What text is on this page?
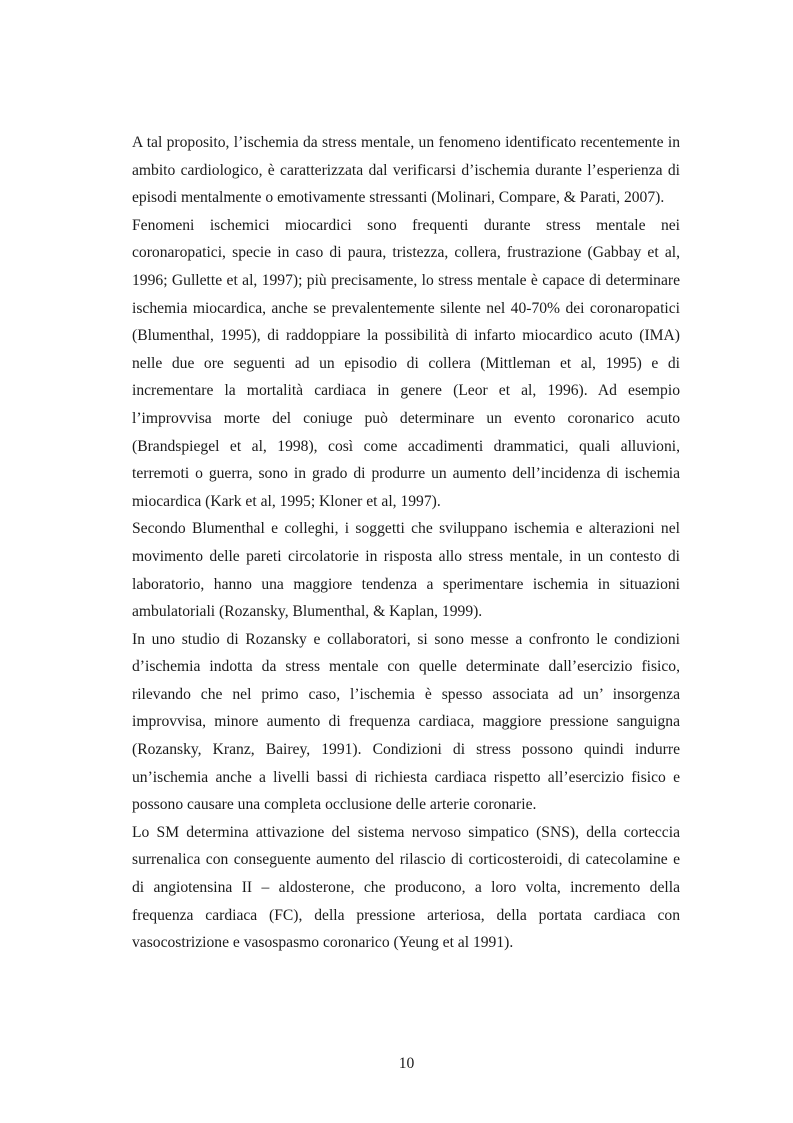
A tal proposito, l’ischemia da stress mentale, un fenomeno identificato recentemente in ambito cardiologico, è caratterizzata dal verificarsi d’ischemia durante l’esperienza di episodi mentalmente o emotivamente stressanti (Molinari, Compare, & Parati, 2007).

Fenomeni ischemici miocardici sono frequenti durante stress mentale nei coronaropatici, specie in caso di paura, tristezza, collera, frustrazione (Gabbay et al, 1996; Gullette et al, 1997); più precisamente, lo stress mentale è capace di determinare ischemia miocardica, anche se prevalentemente silente nel 40-70% dei coronaropatici (Blumenthal, 1995), di raddoppiare la possibilità di infarto miocardico acuto (IMA) nelle due ore seguenti ad un episodio di collera (Mittleman et al, 1995) e di incrementare la mortalità cardiaca in genere (Leor et al, 1996). Ad esempio l’improvvisa morte del coniuge può determinare un evento coronarico acuto (Brandspiegel et al, 1998), così come accadimenti drammatici, quali alluvioni, terremoti o guerra, sono in grado di produrre un aumento dell’incidenza di ischemia miocardica (Kark et al, 1995; Kloner et al, 1997).

Secondo Blumenthal e colleghi, i soggetti che sviluppano ischemia e alterazioni nel movimento delle pareti circolatorie in risposta allo stress mentale, in un contesto di laboratorio, hanno una maggiore tendenza a sperimentare ischemia in situazioni ambulatoriali (Rozansky, Blumenthal, & Kaplan, 1999).

In uno studio di Rozansky e collaboratori, si sono messe a confronto le condizioni d’ischemia indotta da stress mentale con quelle determinate dall’esercizio fisico, rilevando che nel primo caso, l’ischemia è spesso associata ad un’ insorgenza improvvisa, minore aumento di frequenza cardiaca, maggiore pressione sanguigna (Rozansky, Kranz, Bairey, 1991). Condizioni di stress possono quindi indurre un’ischemia anche a livelli bassi di richiesta cardiaca rispetto all’esercizio fisico e possono causare una completa occlusione delle arterie coronarie.

Lo SM determina attivazione del sistema nervoso simpatico (SNS), della corteccia surrenalica con conseguente aumento del rilascio di corticosteroidi, di catecolamine e di angiotensina II – aldosterone, che producono, a loro volta, incremento della frequenza cardiaca (FC), della pressione arteriosa, della portata cardiaca con vasocostrizione e vasospasmo coronarico (Yeung et al 1991).

10
